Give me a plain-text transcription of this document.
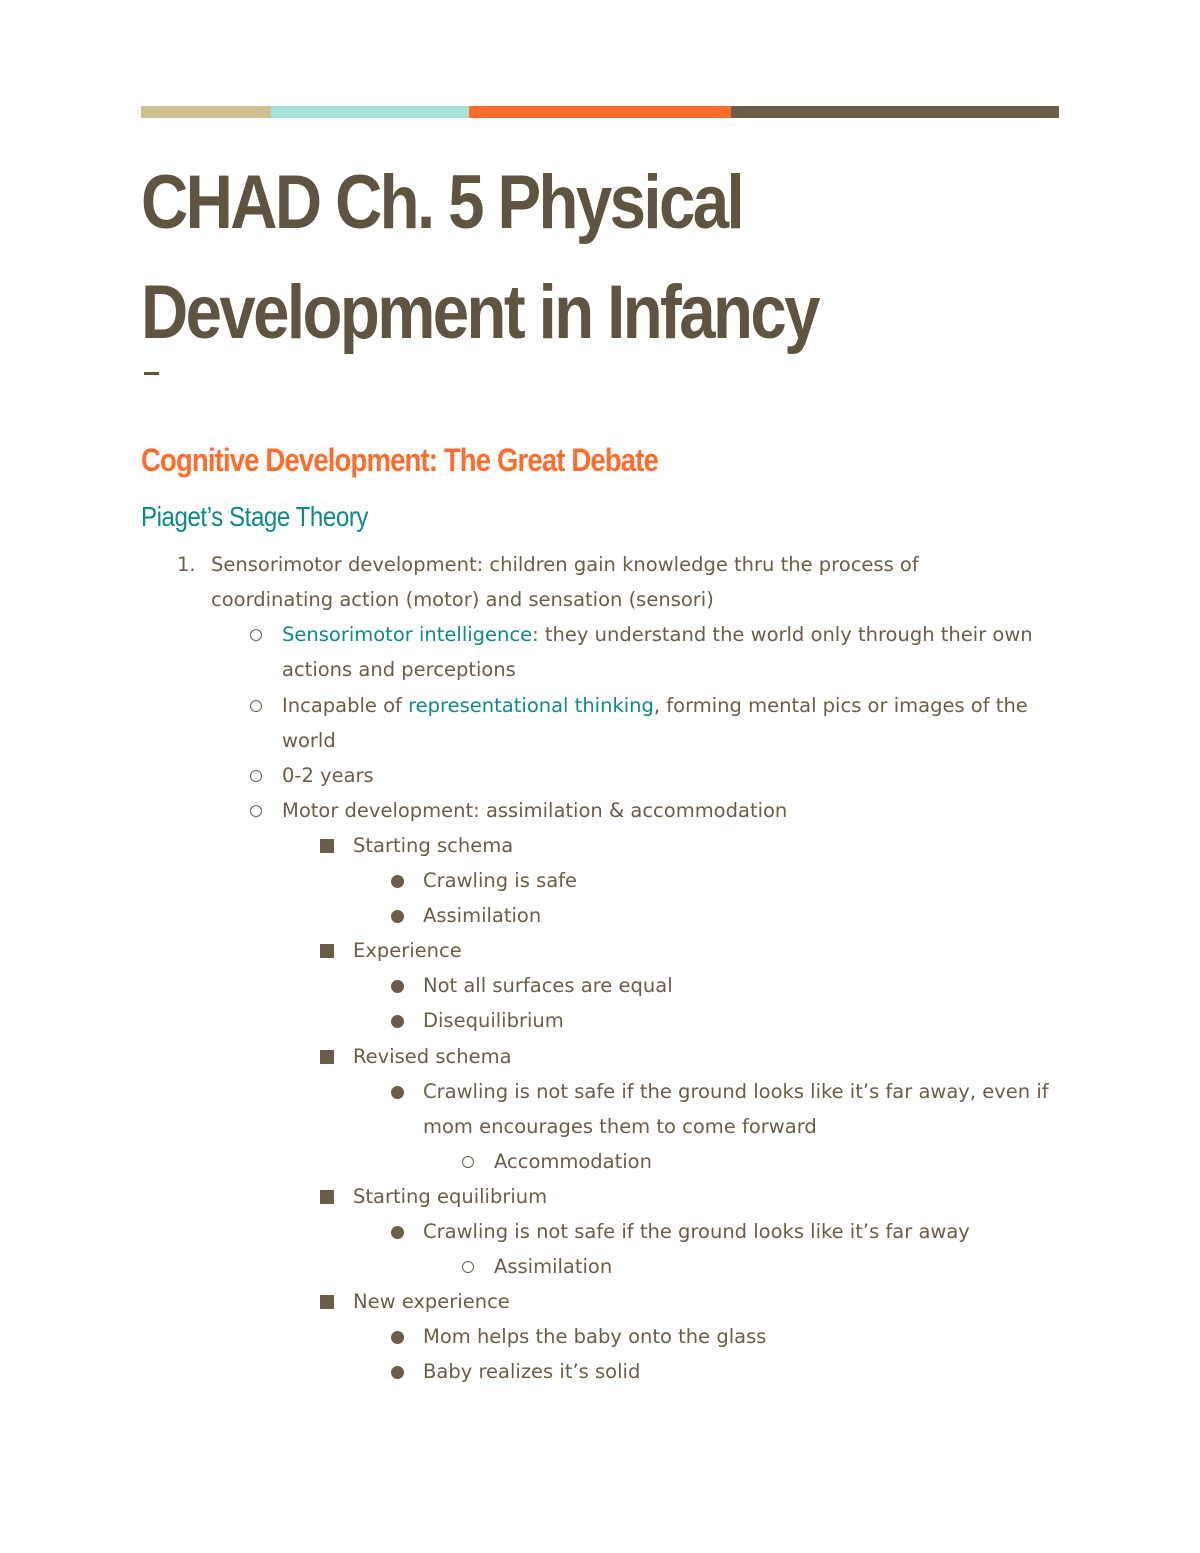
CHAD Ch. 5 Physical
Development in Infancy
Cognitive Development: The Great Debate
Piaget’s Stage Theory
1. Sensorimotor development: children gain knowledge thru the process of
coordinating action (motor) and sensation (sensori)
Sensorimotor intelligence: they understand the world only through their own
actions and perceptions
Incapable of representational thinking, forming mental pics or images of the
world
0-2 years
Motor development: assimilation & accommodation
Starting schema
Crawling is safe
Assimilation
Experience
Not all surfaces are equal
Disequilibrium
Revised schema
Crawling is not safe if the ground looks like it’s far away, even if
mom encourages them to come forward
Accommodation
Starting equilibrium
Crawling is not safe if the ground looks like it’s far away
Assimilation
New experience
Mom helps the baby onto the glass
Baby realizes it’s solid
